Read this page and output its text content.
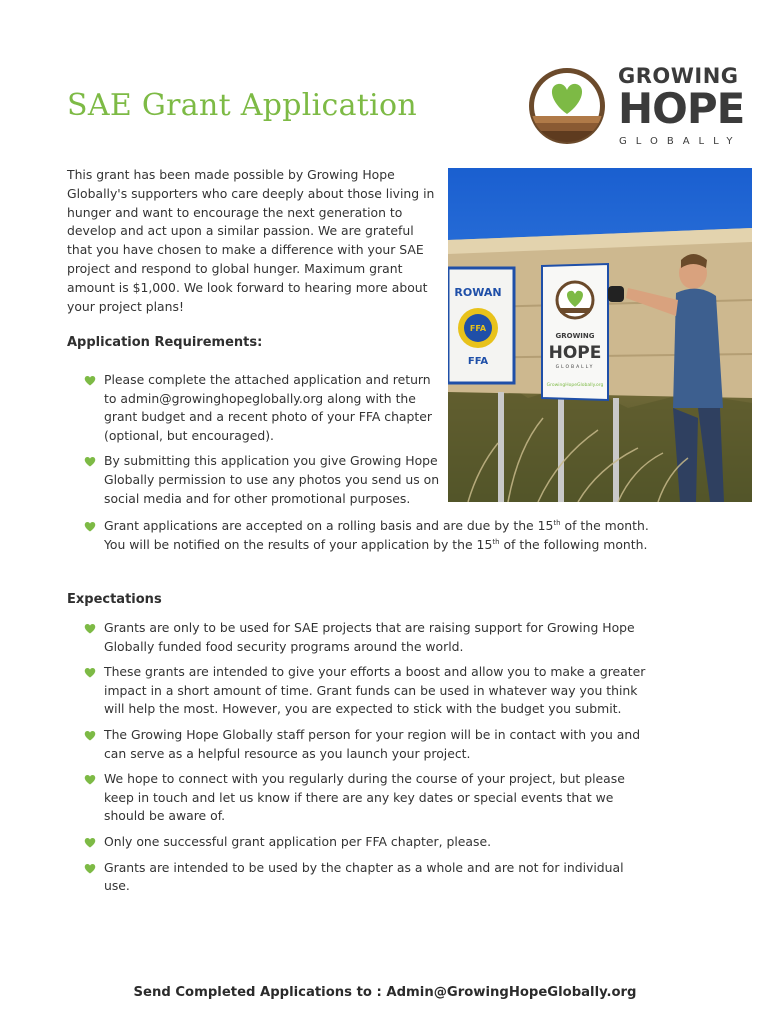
SAE Grant Application
GROWING
HOPE
GLOBALLY

This grant has been made possible by Growing Hope Globally's supporters who care deeply about those living in hunger and want to encourage the next generation to develop and act upon a similar passion. We are grateful that you have chosen to make a difference with your SAE project and respond to global hunger. Maximum grant amount is $1,000. We look forward to hearing more about your project plans!

ROWAN
FFA
FFA
GROWING
HOPE
GLOBALLY
GrowingHopeGlobally.org
Application Requirements:
Please complete the attached application and return to admin@growinghopeglobally.org along with the grant budget and a recent photo of your FFA chapter (optional, but encouraged).
By submitting this application you give Growing Hope Globally permission to use any photos you send us on social media and for other promotional purposes.
Grant applications are accepted on a rolling basis and are due by the 15th of the month. You will be notified on the results of your application by the 15th of the following month.
Expectations
Grants are only to be used for SAE projects that are raising support for Growing Hope Globally funded food security programs around the world.
These grants are intended to give your efforts a boost and allow you to make a greater impact in a short amount of time. Grant funds can be used in whatever way you think will help the most. However, you are expected to stick with the budget you submit.
The Growing Hope Globally staff person for your region will be in contact with you and can serve as a helpful resource as you launch your project.
We hope to connect with you regularly during the course of your project, but please keep in touch and let us know if there are any key dates or special events that we should be aware of.
Only one successful grant application per FFA chapter, please.
Grants are intended to be used by the chapter as a whole and are not for individual use.
Send Completed Applications to : Admin@GrowingHopeGlobally.org
